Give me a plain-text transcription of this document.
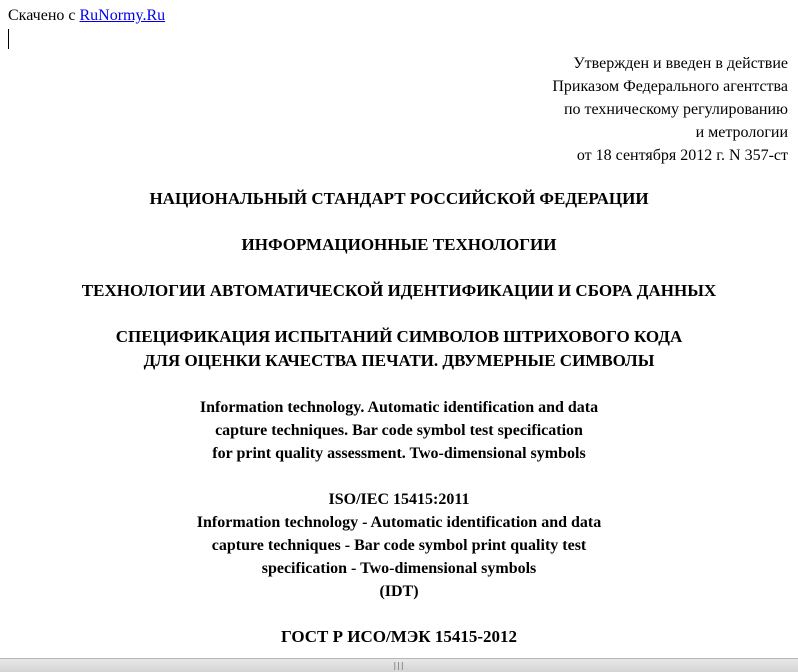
Скачено с RuNormy.Ru
Утвержден и введен в действие
Приказом Федерального агентства
по техническому регулированию
и метрологии
от 18 сентября 2012 г. N 357-ст
НАЦИОНАЛЬНЫЙ СТАНДАРТ РОССИЙСКОЙ ФЕДЕРАЦИИ
ИНФОРМАЦИОННЫЕ ТЕХНОЛОГИИ
ТЕХНОЛОГИИ АВТОМАТИЧЕСКОЙ ИДЕНТИФИКАЦИИ И СБОРА ДАННЫХ
СПЕЦИФИКАЦИЯ ИСПЫТАНИЙ СИМВОЛОВ ШТРИХОВОГО КОДА
ДЛЯ ОЦЕНКИ КАЧЕСТВА ПЕЧАТИ. ДВУМЕРНЫЕ СИМВОЛЫ
Information technology. Automatic identification and data
capture techniques. Bar code symbol test specification
for print quality assessment. Two-dimensional symbols
ISO/IEC 15415:2011
Information technology - Automatic identification and data
capture techniques - Bar code symbol print quality test
specification - Two-dimensional symbols
(IDT)
ГОСТ Р ИСО/МЭК 15415-2012
|||
